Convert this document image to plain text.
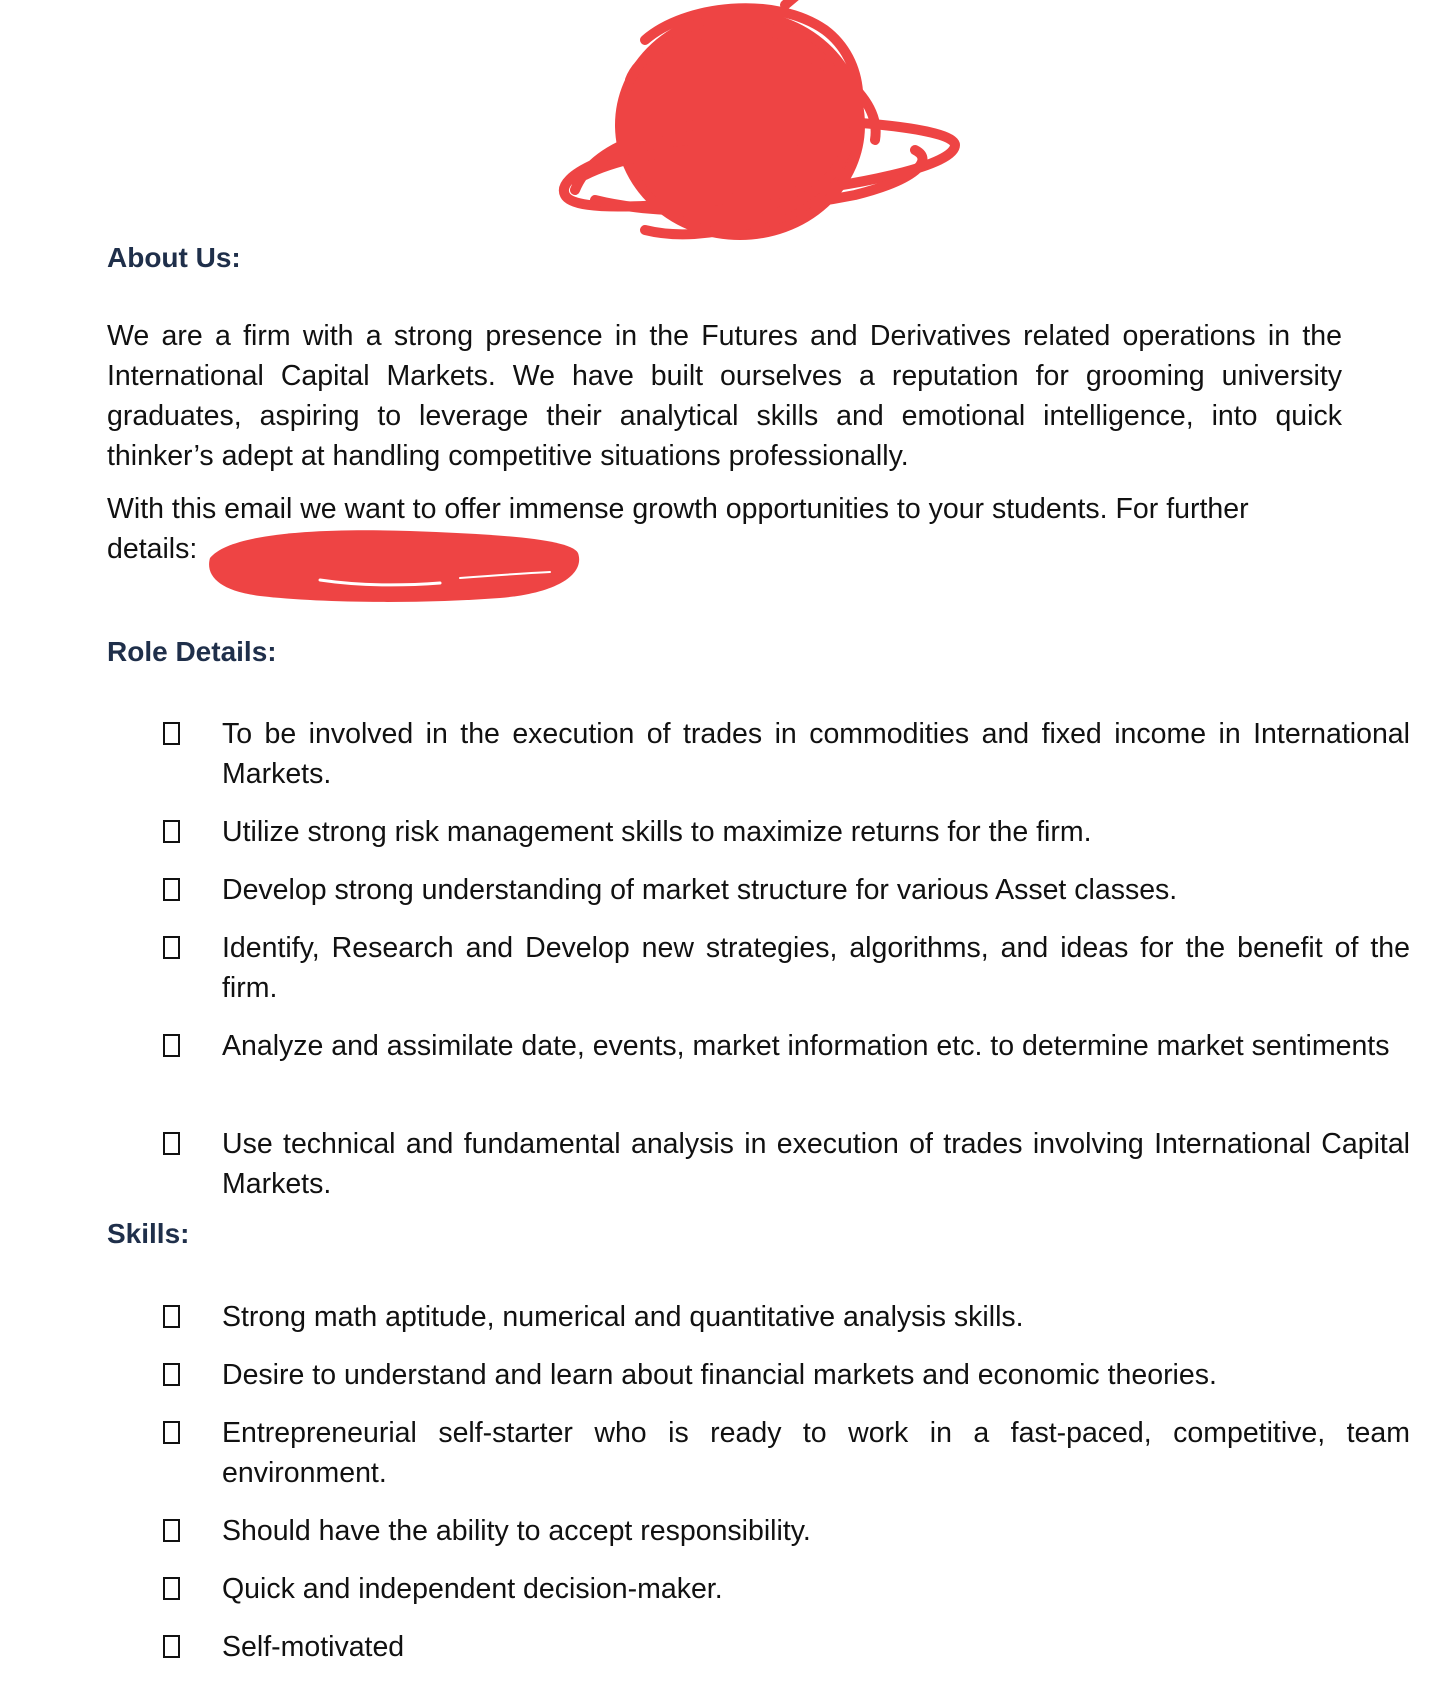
About Us:

We are a firm with a strong presence in the Futures and Derivatives related operations in the International Capital Markets. We have built ourselves a reputation for grooming university graduates, aspiring to leverage their analytical skills and emotional intelligence, into quick thinker’s adept at handling competitive situations professionally.

With this email we want to offer immense growth opportunities to your students. For further

details:

Role Details:
To be involved in the execution of trades in commodities and fixed income in International Markets.
Utilize strong risk management skills to maximize returns for the firm.
Develop strong understanding of market structure for various Asset classes.
Identify, Research and Develop new strategies, algorithms, and ideas for the benefit of the firm.
Analyze and assimilate date, events, market information etc. to determine market sentiments
Use technical and fundamental analysis in execution of trades involving International Capital Markets.
Skills:
Strong math aptitude, numerical and quantitative analysis skills.
Desire to understand and learn about financial markets and economic theories.
Entrepreneurial self-starter who is ready to work in a fast-paced, competitive, team environment.
Should have the ability to accept responsibility.
Quick and independent decision-maker.
Self-motivated
